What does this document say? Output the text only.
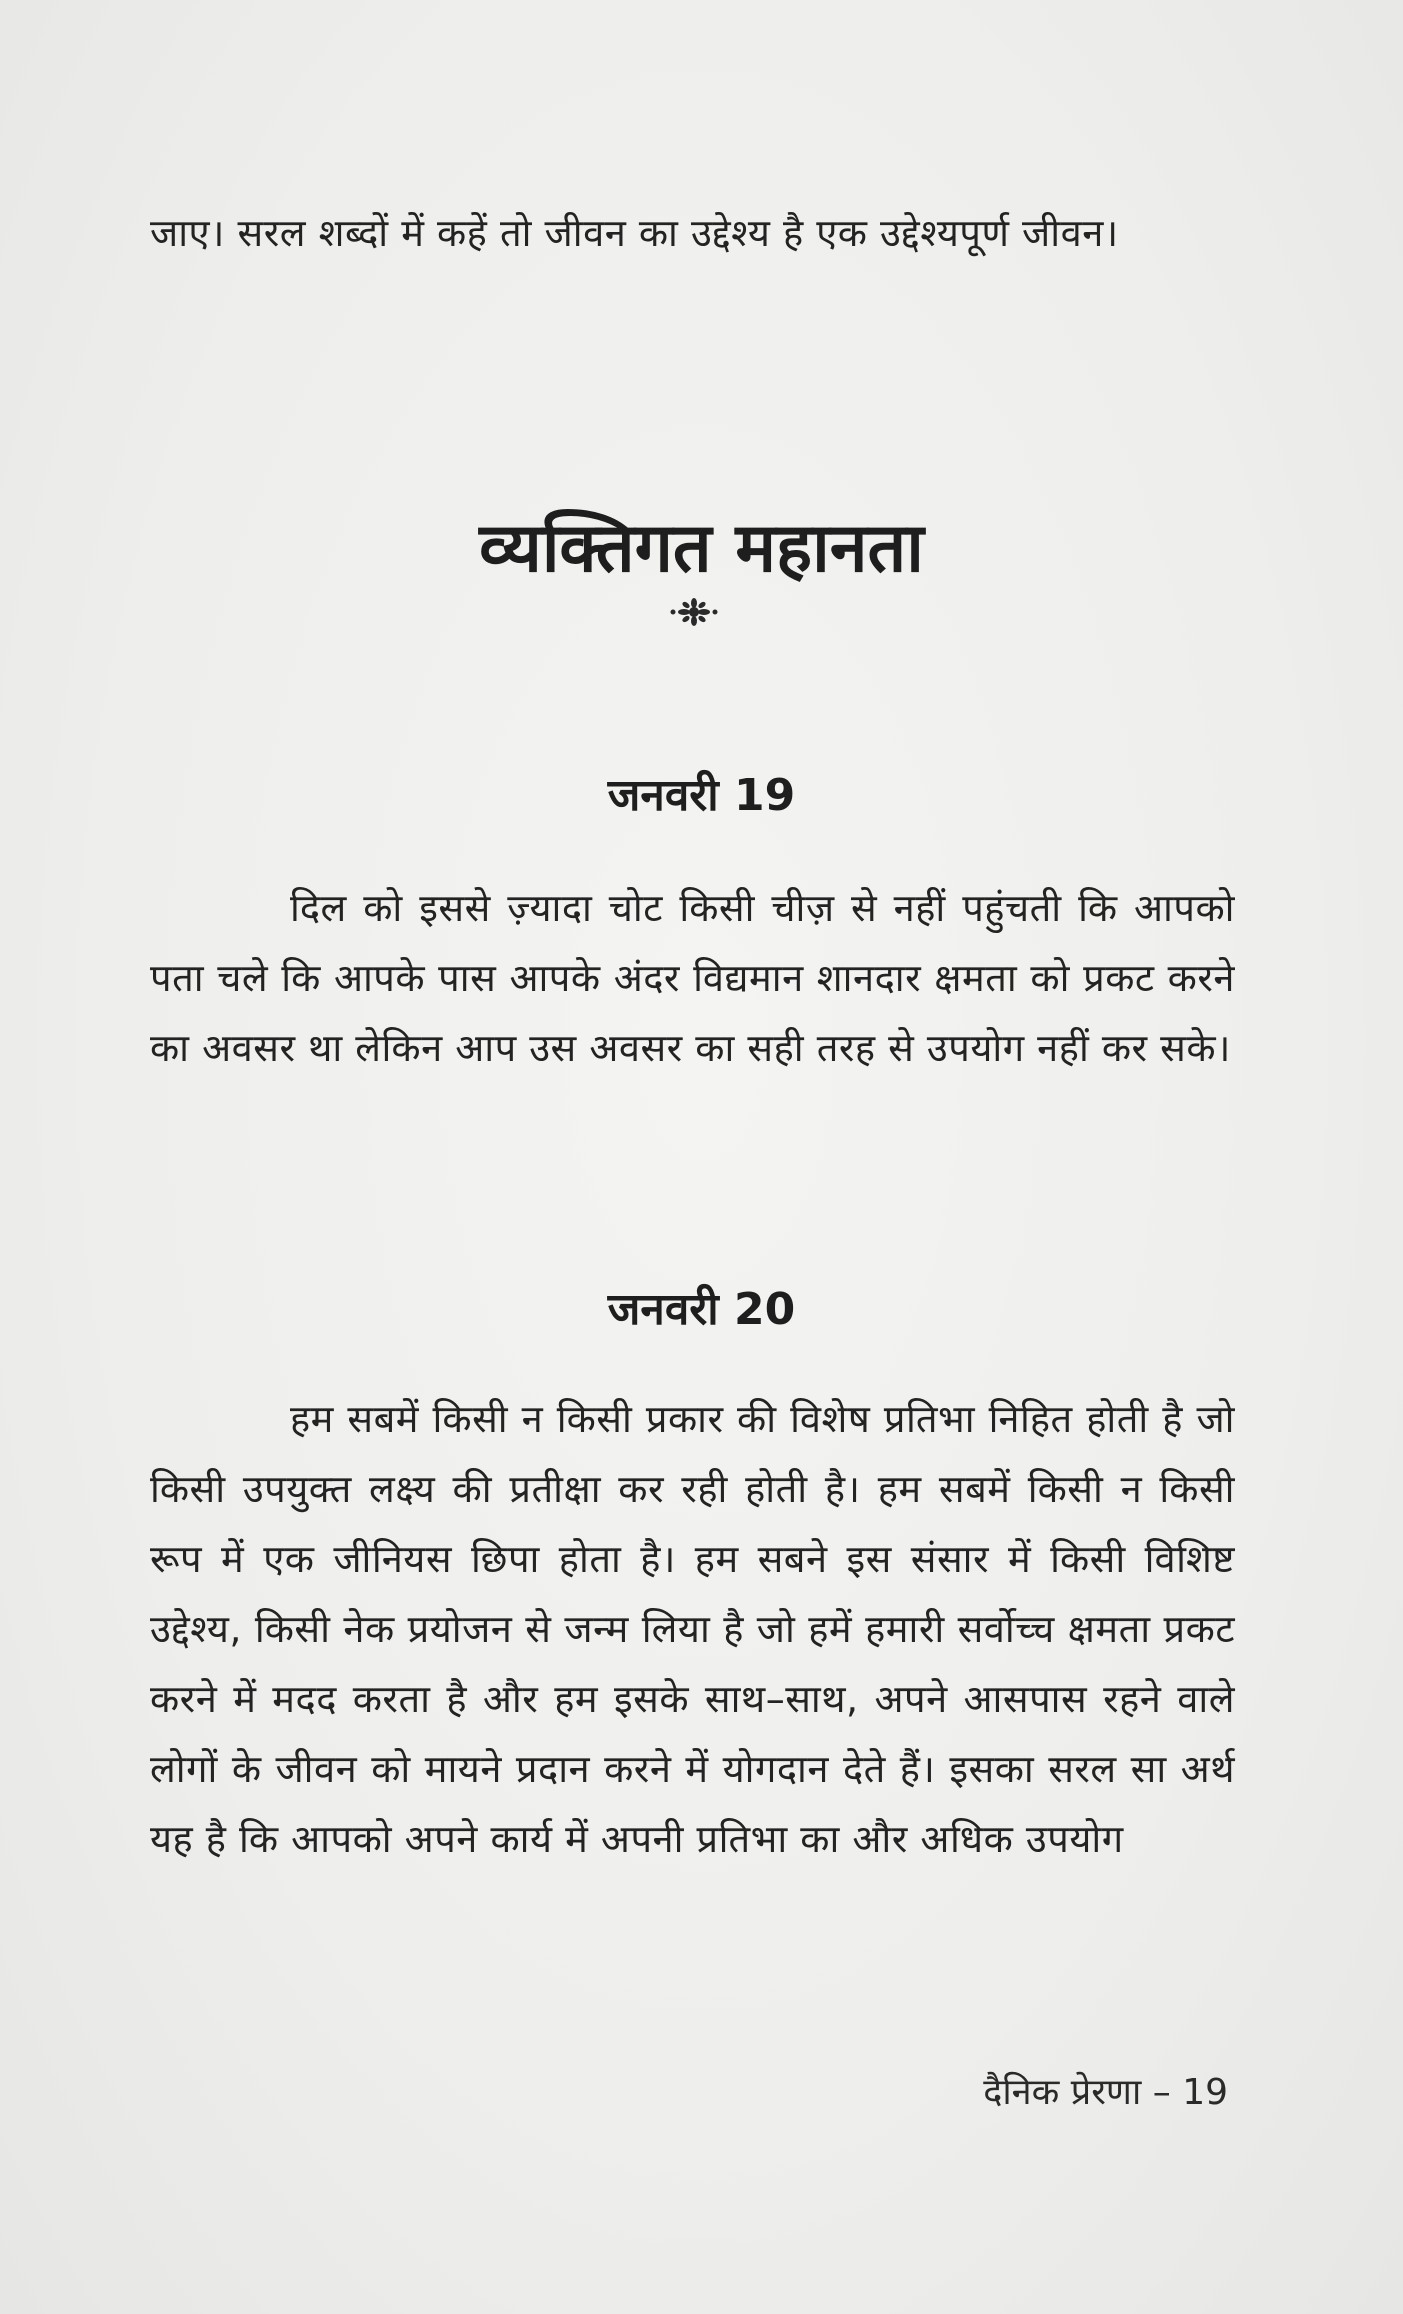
जाए। सरल शब्दों में कहें तो जीवन का उद्देश्य है एक उद्देश्यपूर्ण जीवन।

व्यक्तिगत महानता
जनवरी 19

दिल को इससे ज़्यादा चोट किसी चीज़ से नहीं पहुंचती कि आपको पता चले कि आपके पास आपके अंदर विद्यमान शानदार क्षमता को प्रकट करने का अवसर था लेकिन आप उस अवसर का सही तरह से उपयोग नहीं कर सके।

जनवरी 20

हम सबमें किसी न किसी प्रकार की विशेष प्रतिभा निहित होती है जो किसी उपयुक्त लक्ष्य की प्रतीक्षा कर रही होती है। हम सबमें किसी न किसी रूप में एक जीनियस छिपा होता है। हम सबने इस संसार में किसी विशिष्ट उद्देश्य, किसी नेक प्रयोजन से जन्म लिया है जो हमें हमारी सर्वोच्च क्षमता प्रकट करने में मदद करता है और हम इसके साथ–साथ, अपने आसपास रहने वाले लोगों के जीवन को मायने प्रदान करने में योगदान देते हैं। इसका सरल सा अर्थ यह है कि आपको अपने कार्य में अपनी प्रतिभा का और अधिक उपयोग

दैनिक प्रेरणा – 19
